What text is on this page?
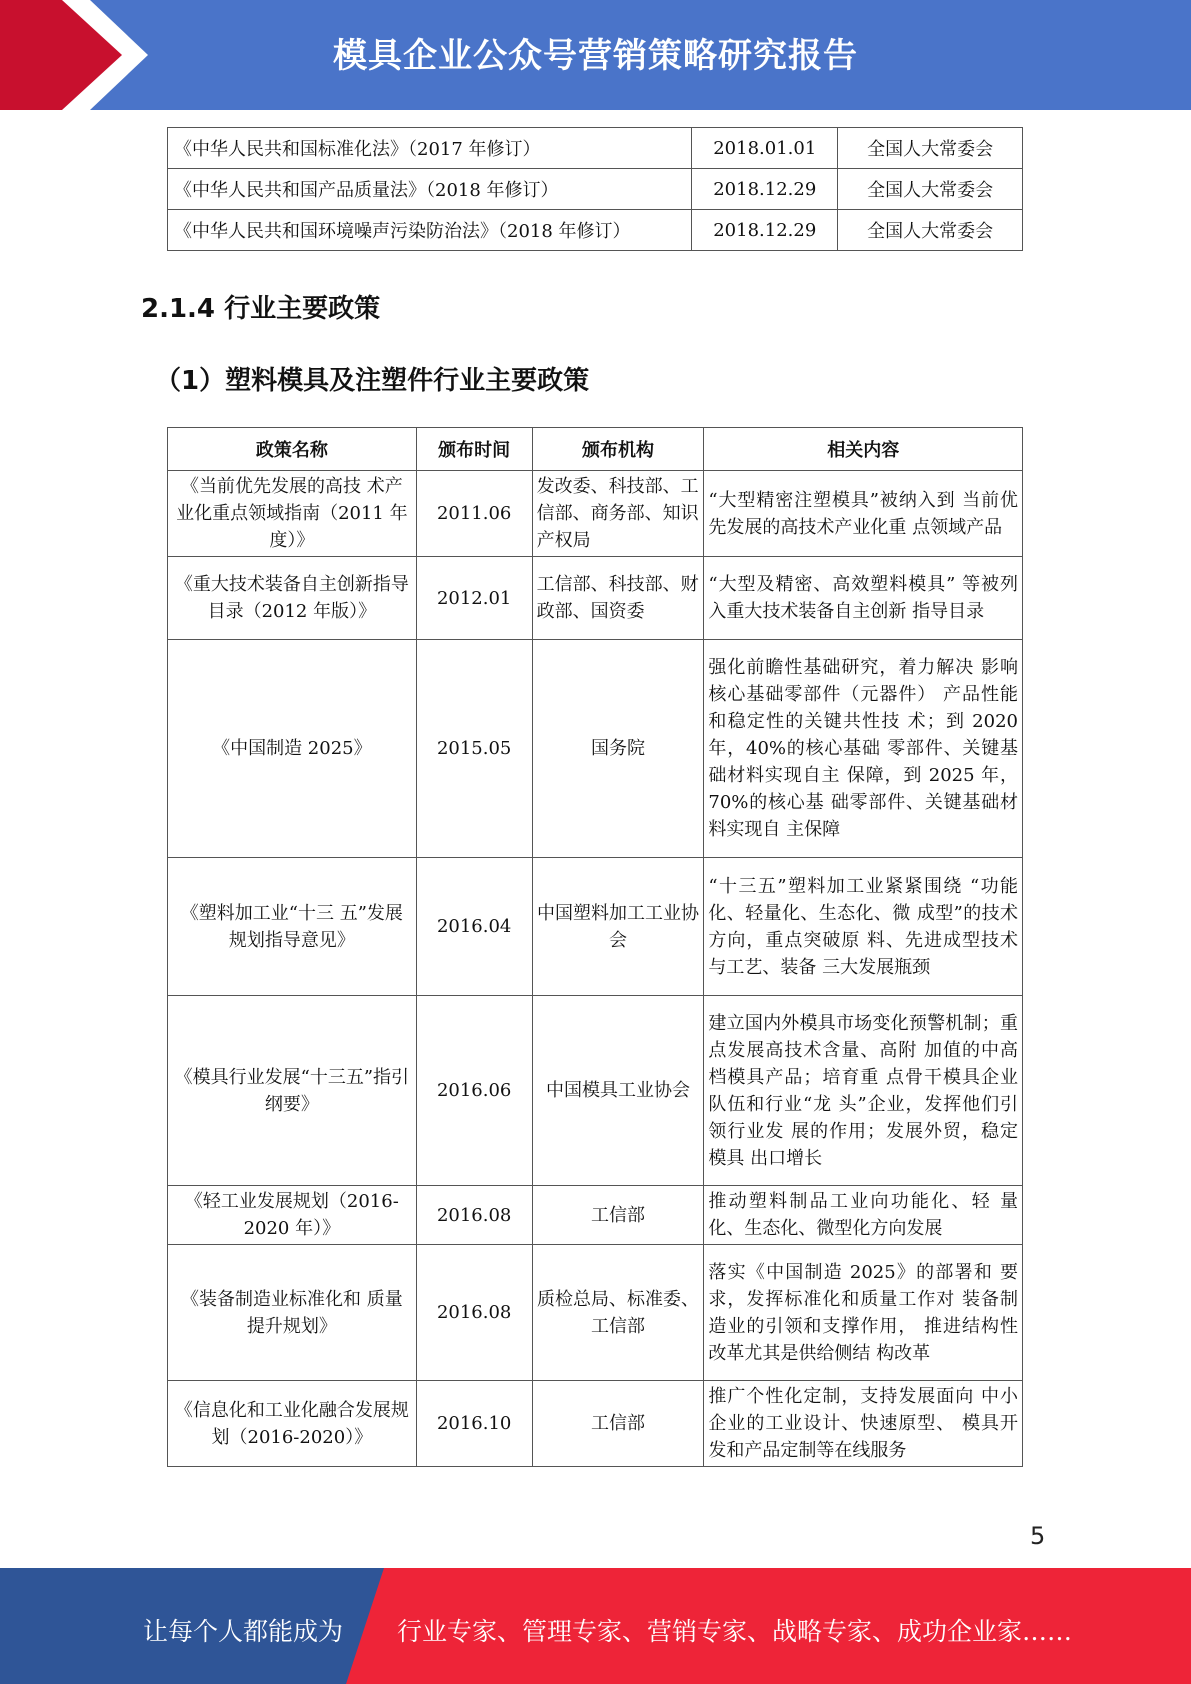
模具企业公众号营销策略研究报告
《中华人民共和国标准化法》（2017 年修订）	2018.01.01	全国人大常委会
《中华人民共和国产品质量法》（2018 年修订）	2018.12.29	全国人大常委会
《中华人民共和国环境噪声污染防治法》（2018 年修订）	2018.12.29	全国人大常委会
2.1.4 行业主要政策
（1）塑料模具及注塑件行业主要政策
政策名称	颁布时间	颁布机构	相关内容
《当前优先发展的高技 术产业化重点领域指南（2011 年度）》	2011.06	发改委、科技部、工信部、商务部、知识产权局	“大型精密注塑模具”被纳入到 当前优先发展的高技术产业化重 点领域产品
《重大技术装备自主创新指导目录（2012 年版）》	2012.01	工信部、科技部、财政部、国资委	“大型及精密、高效塑料模具” 等被列入重大技术装备自主创新 指导目录
《中国制造 2025》	2015.05	国务院	强化前瞻性基础研究，着力解决 影响核心基础零部件（元器件） 产品性能和稳定性的关键共性技 术；到 2020 年，40%的核心基础 零部件、关键基础材料实现自主 保障，到 2025 年，70%的核心基 础零部件、关键基础材料实现自 主保障
《塑料加工业“十三 五”发展规划指导意见》	2016.04	中国塑料加工工业协会	“十三五”塑料加工业紧紧围绕 “功能化、轻量化、生态化、微 成型”的技术方向，重点突破原 料、先进成型技术与工艺、装备 三大发展瓶颈
《模具行业发展“十三五”指引纲要》	2016.06	中国模具工业协会	建立国内外模具市场变化预警机制；重点发展高技术含量、高附 加值的中高档模具产品；培育重 点骨干模具企业队伍和行业“龙 头”企业，发挥他们引领行业发 展的作用；发展外贸，稳定模具 出口增长
《轻工业发展规划（2016-2020 年）》	2016.08	工信部	推动塑料制品工业向功能化、轻 量化、生态化、微型化方向发展
《装备制造业标准化和 质量提升规划》	2016.08	质检总局、标准委、工信部	落实《中国制造 2025》的部署和 要求，发挥标准化和质量工作对 装备制造业的引领和支撑作用， 推进结构性改革尤其是供给侧结 构改革
《信息化和工业化融合发展规划（2016-2020）》	2016.10	工信部	推广个性化定制，支持发展面向 中小企业的工业设计、快速原型、 模具开发和产品定制等在线服务
5
让每个人都能成为 行业专家、管理专家、营销专家、战略专家、成功企业家……
